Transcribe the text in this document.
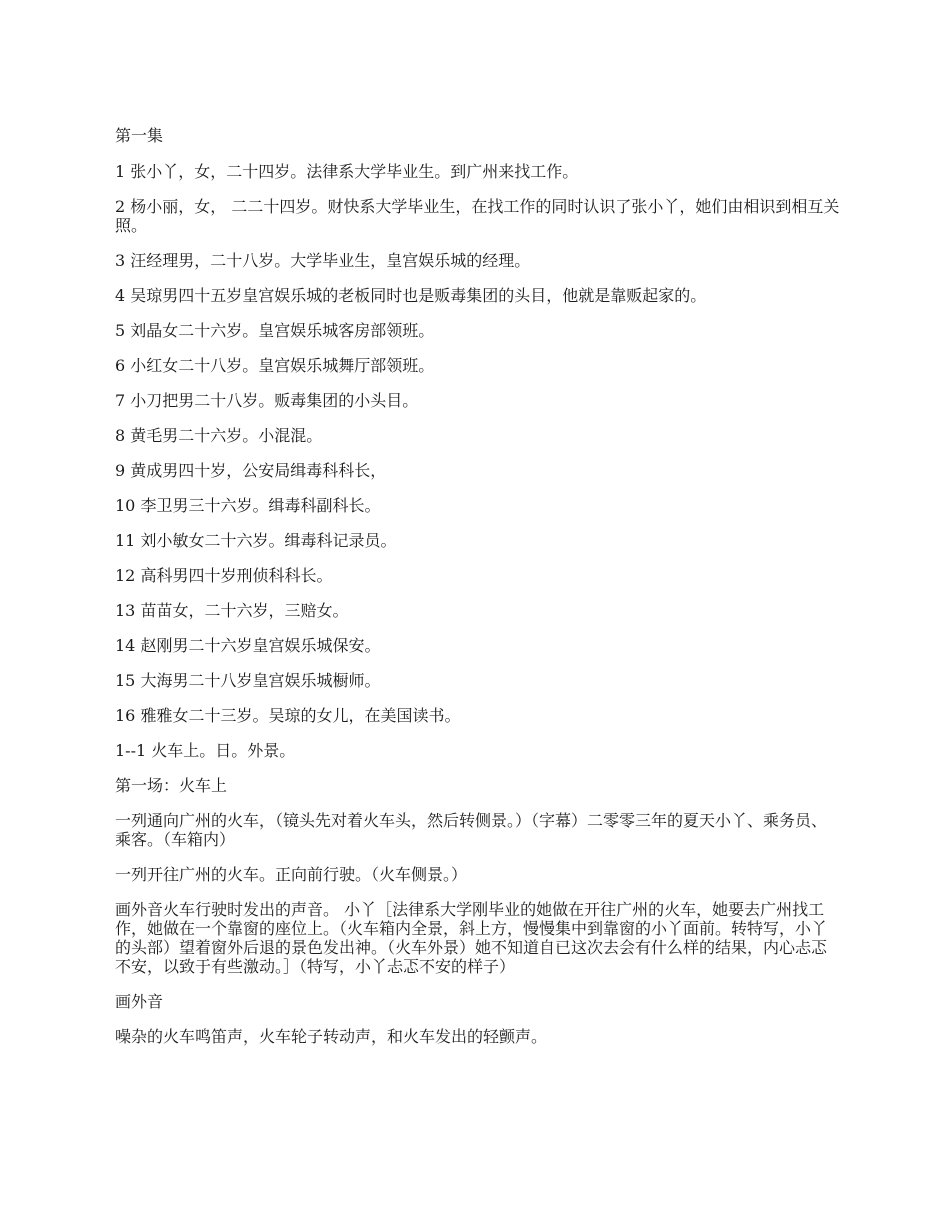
第一集

1 张小丫，女，二十四岁。法律系大学毕业生。到广州来找工作。

2 杨小丽，女， 二二十四岁。财快系大学毕业生，在找工作的同时认识了张小丫，她们由相识到相互关照。

3 汪经理男，二十八岁。大学毕业生，皇宫娱乐城的经理。

4 吴琼男四十五岁皇宫娱乐城的老板同时也是贩毒集团的头目，他就是靠贩起家的。

5 刘晶女二十六岁。皇宫娱乐城客房部领班。

6 小红女二十八岁。皇宫娱乐城舞厅部领班。

7 小刀把男二十八岁。贩毒集团的小头目。

8 黄毛男二十六岁。小混混。

9 黄成男四十岁，公安局缉毒科科长，

10 李卫男三十六岁。缉毒科副科长。

11 刘小敏女二十六岁。缉毒科记录员。

12 高科男四十岁刑侦科科长。

13 苗苗女，二十六岁，三赔女。

14 赵刚男二十六岁皇宫娱乐城保安。

15 大海男二十八岁皇宫娱乐城橱师。

16 雅雅女二十三岁。吴琼的女儿，在美国读书。

1--1 火车上。日。外景。

第一场：火车上

一列通向广州的火车，（镜头先对着火车头，然后转侧景。）（字幕）二零零三年的夏天小丫、乘务员、乘客。（车箱内）

一列开往广州的火车。正向前行驶。（火车侧景。）

画外音火车行驶时发出的声音。 小丫［法律系大学刚毕业的她做在开往广州的火车，她要去广州找工作，她做在一个靠窗的座位上。（火车箱内全景，斜上方，慢慢集中到靠窗的小丫面前。转特写，小丫的头部）望着窗外后退的景色发出神。（火车外景）她不知道自已这次去会有什么样的结果，内心忐忑不安，以致于有些激动。］（特写，小丫忐忑不安的样子）

画外音

噪杂的火车鸣笛声，火车轮子转动声，和火车发出的轻颤声。
